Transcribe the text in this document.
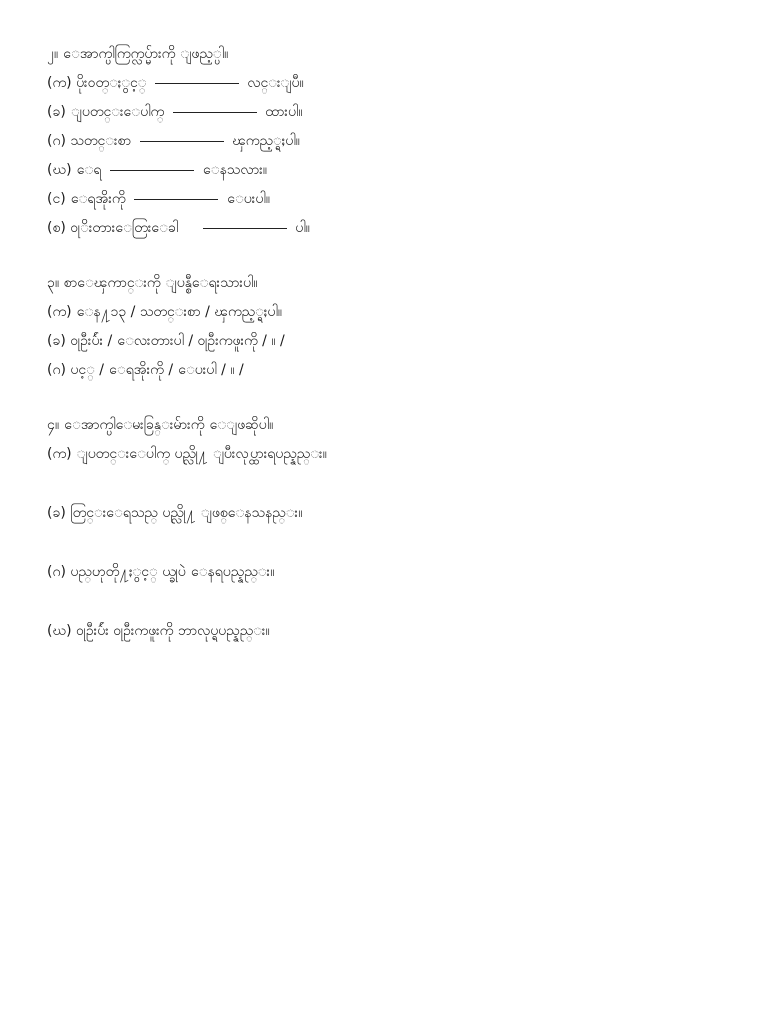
၂။ ေအာက္ပါကြက္လပ္မ်ားကို ျဖည့္ပါ။
(က) ပိုး၀တ္ႏွင့္	လင္းျပီ။
(ခ) ျပတင္းေပါက္	ထားပါ။
(ဂ) သတင္းစာ	ၾကည့္ရႈပါ။
(ဃ) ေရ	ေနသလား။
(င) ေရအိုးကို	ေပးပါ။
(စ) ၀ုိးတားေတြးေခါ	ပါ။
၃။ စာေၾကာင္းကို ျပန္စီေရးသားပါ။
(က) ေန႔၁၃ / သတင္းစာ / ၾကည့္ရႈပါ။
(ခ) ၀ုဦးပ်ဴး / ေလးတားပါ / ၀ုဦးကဖူးကို / ။ /
(ဂ) ပင့္ / ေရအိုးကို / ေပးပါ / ။ /
၄။ ေအာက္ပါေမးခြန္းမ်ားကို ေျဖဆိုပါ။
(က) ျပတင္းေပါက္ ပည္လို႔ ျပီးလုပ္ထားရပည္နည္း။
(ခ) တြင္းေရသည္ ပည္လို႔ ျဖစ္ေနသနည္း။
(ဂ) ပည္ဟုတို႔ႏွင့္ ယ္ခုပဲ ေနရပည္နည္း။
(ဃ) ၀ုဦးပ်ဴး ၀ုဦးကဖူးကို ဘာလုပ္ရပည္နည္း။
